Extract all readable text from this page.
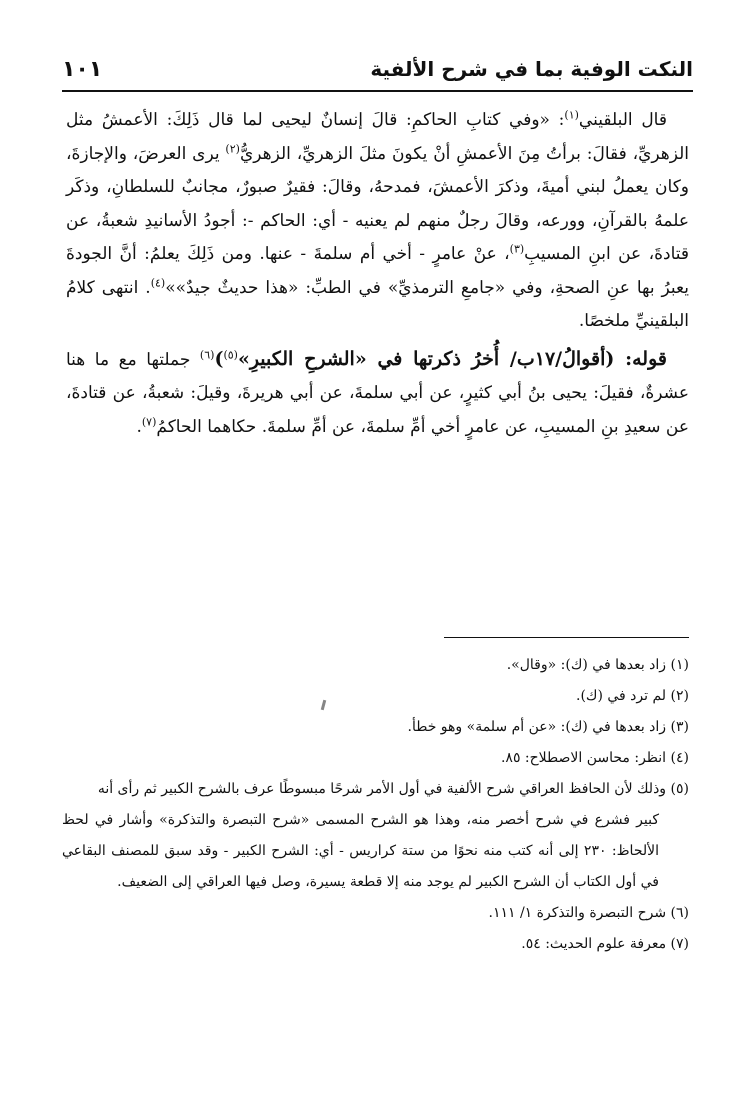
النكت الوفية بما في شرح الألفية
١٠١

قال البلقيني$^{(١)}$: «وفي كتابِ الحاكمِ: قالَ إنسانٌ ليحيى لما قال ذَلِكَ: الأعمشُ مثل الزهريِّ، فقالَ: برأتُ مِنَ الأعمشِ أنْ يكونَ مثلَ الزهريِّ، الزهريُّ$^{(٢)}$ يرى العرضَ، والإجازةَ، وكان يعملُ لبني أميةَ، وذكرَ الأعمشَ، فمدحهُ، وقالَ: فقيرٌ صبورٌ، مجانبٌ للسلطانِ، وذكَر علمهُ بالقرآنِ، وورعه، وقالَ رجلٌ منهم لم يعنيه - أي: الحاكم -: أجودُ الأسانيدِ شعبةُ، عن قتادةَ، عن ابنِ المسيبِ$^{(٣)}$، عنْ عامرٍ - أخي أم سلمةَ - عنها. ومن ذَلِكَ يعلمُ: أنَّ الجودةَ يعبرُ بها عنِ الصحةِ، وفي «جامعِ الترمذيِّ» في الطبِّ: «هذا حديثٌ جيدٌ»»$^{(٤)}$. انتهى كلامُ البلقينيِّ ملخصًا.

قوله: (أقوالُ/١٧ب/ أُخرُ ذكرتها في «الشرحِ الكبيرِ»$^{(٥)}$)$^{(٦)}$ جملتها مع ما هنا عشرةٌ، فقيلَ: يحيى بنُ أبي كثيرٍ، عن أبي سلمةَ، عن أبي هريرةَ، وقيلَ: شعبةُ، عن قتادةَ، عن سعيدِ بنِ المسيبِ، عن عامرٍ أخي أمِّ سلمةَ، عن أمِّ سلمةَ. حكاهما الحاكمُ$^{(٧)}$.

(١) زاد بعدها في (ك): «وقال».

(٢) لم ترد في (ك).

(٣) زاد بعدها في (ك): «عن أم سلمة» وهو خطأ.

(٤) انظر: محاسن الاصطلاح: ٨٥.

(٥) وذلك لأن الحافظ العراقي شرح الألفية في أول الأمر شرحًا مبسوطًا عرف بالشرح الكبير ثم رأى أنه
كبير فشرع في شرح أخصر منه، وهذا هو الشرح المسمى «شرح التبصرة والتذكرة» وأشار في لحظ الألحاظ: ٢٣٠ إلى أنه كتب منه نحوًا من ستة كراريس - أي: الشرح الكبير - وقد سبق للمصنف البقاعي في أول الكتاب أن الشرح الكبير لم يوجد منه إلا قطعة يسيرة، وصل فيها العراقي إلى الضعيف.

(٦) شرح التبصرة والتذكرة ١/ ١١١.

(٧) معرفة علوم الحديث: ٥٤.
